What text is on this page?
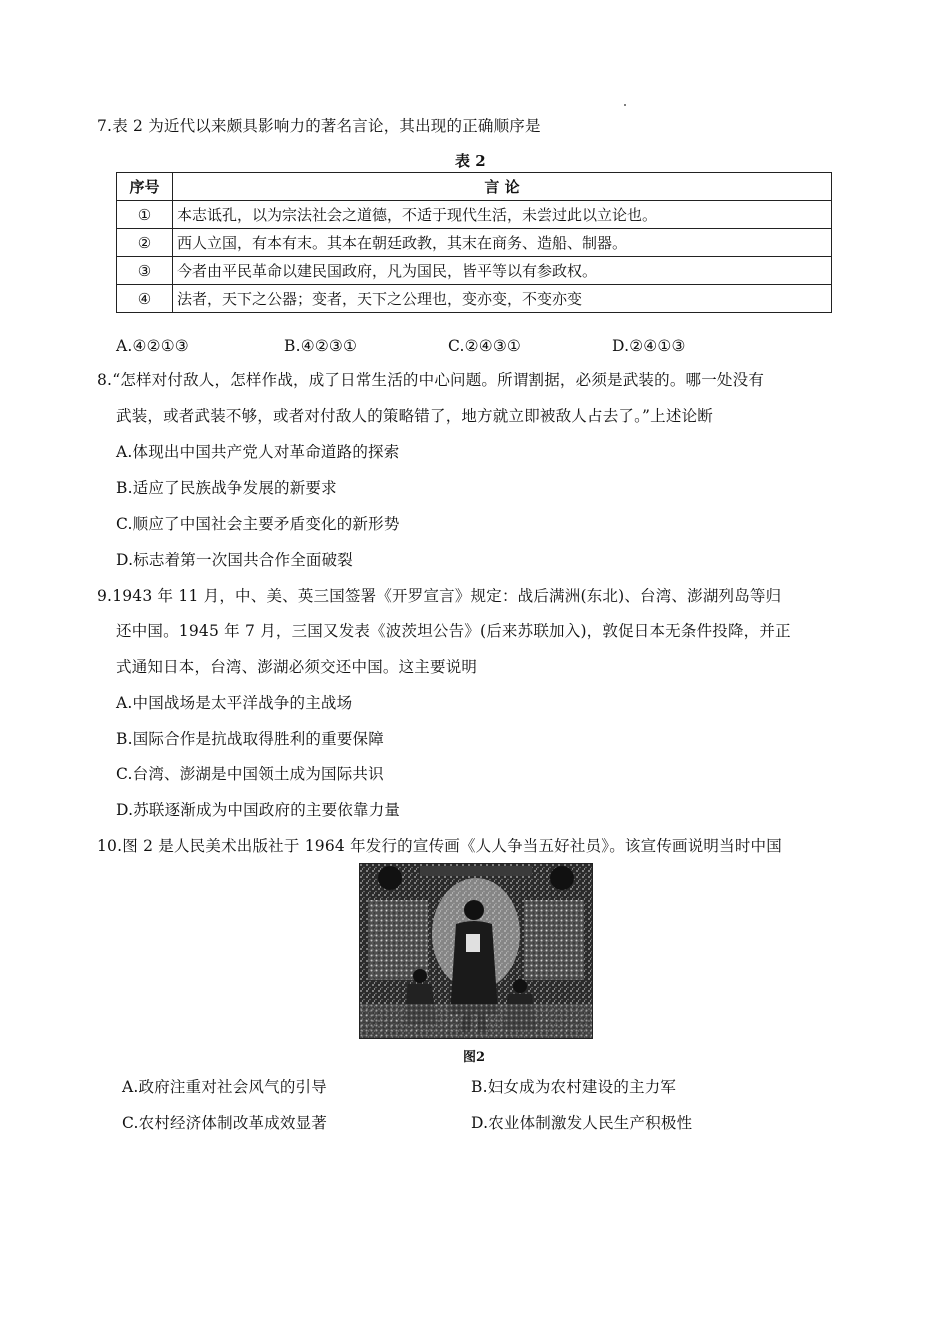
7.表 2 为近代以来颇具影响力的著名言论，其出现的正确顺序是
表 2
序号	言 论
①	本志诋孔，以为宗法社会之道德，不适于现代生活，未尝过此以立论也。
②	西人立国，有本有末。其本在朝廷政教，其末在商务、造船、制器。
③	今者由平民革命以建民国政府，凡为国民，皆平等以有参政权。
④	法者，天下之公器；变者，天下之公理也，变亦变，不变亦变
A.④②①③	B.④②③①	C.②④③①	D.②④①③
8.“怎样对付敌人，怎样作战，成了日常生活的中心问题。所谓割据，必须是武装的。哪一处没有
武装，或者武装不够，或者对付敌人的策略错了，地方就立即被敌人占去了。”上述论断
A.体现出中国共产党人对革命道路的探索
B.适应了民族战争发展的新要求
C.顺应了中国社会主要矛盾变化的新形势
D.标志着第一次国共合作全面破裂
9.1943 年 11 月，中、美、英三国签署《开罗宣言》规定：战后满洲(东北)、台湾、澎湖列岛等归
还中国。1945 年 7 月，三国又发表《波茨坦公告》(后来苏联加入)，敦促日本无条件投降，并正
式通知日本，台湾、澎湖必须交还中国。这主要说明
A.中国战场是太平洋战争的主战场
B.国际合作是抗战取得胜利的重要保障
C.台湾、澎湖是中国领土成为国际共识
D.苏联逐渐成为中国政府的主要依靠力量
10.图 2 是人民美术出版社于 1964 年发行的宣传画《人人争当五好社员》。该宣传画说明当时中国
图2
A.政府注重对社会风气的引导	B.妇女成为农村建设的主力军
C.农村经济体制改革成效显著	D.农业体制激发人民生产积极性
